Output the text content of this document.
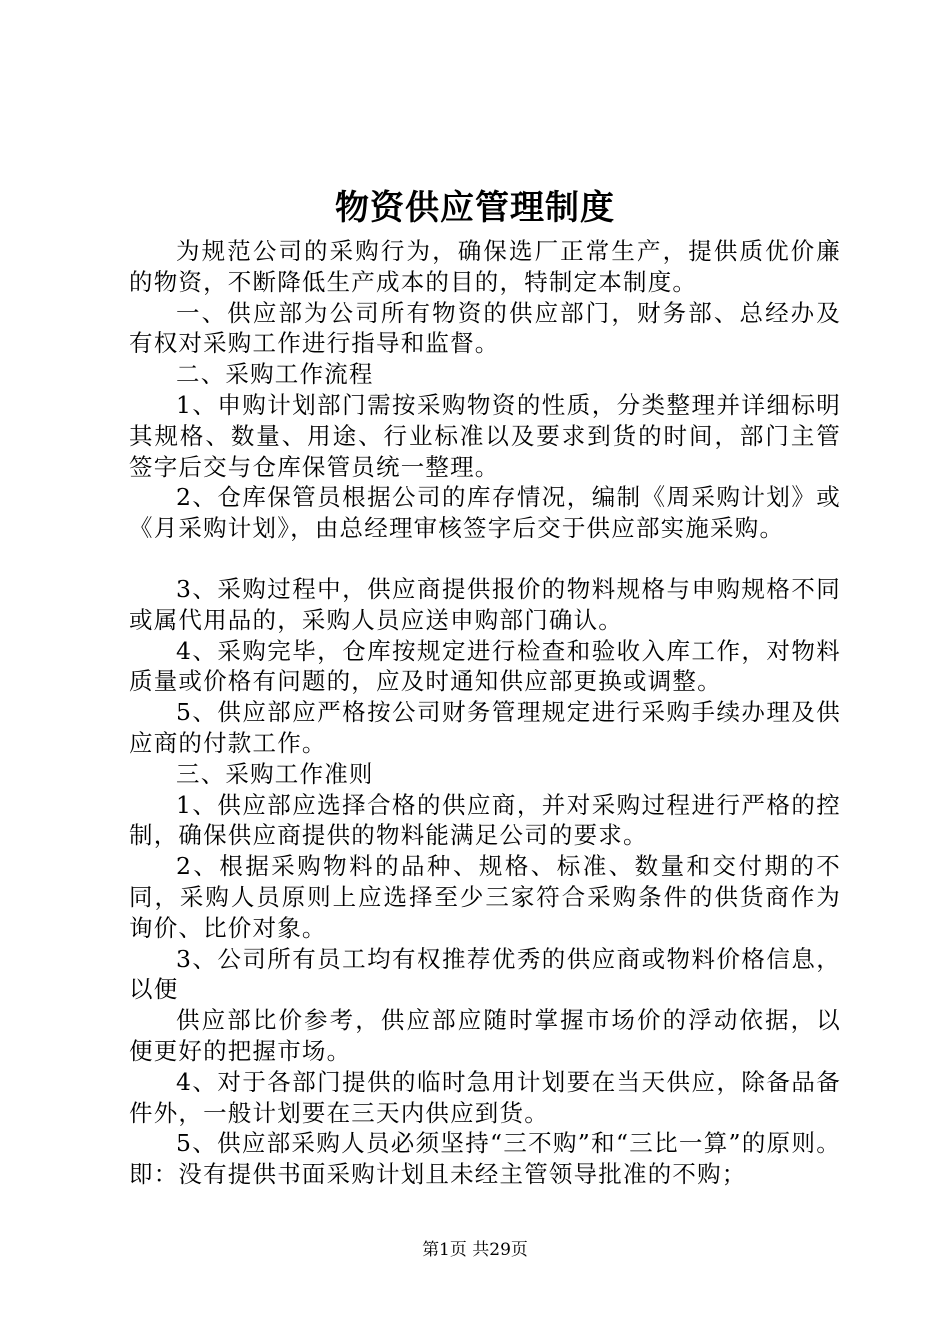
物资供应管理制度

为规范公司的采购行为，确保选厂正常生产，提供质优价廉的物资，不断降低生产成本的目的，特制定本制度。

一、供应部为公司所有物资的供应部门，财务部、总经办及有权对采购工作进行指导和监督。

二、采购工作流程

1、申购计划部门需按采购物资的性质，分类整理并详细标明其规格、数量、用途、行业标准以及要求到货的时间，部门主管签字后交与仓库保管员统一整理。

2、仓库保管员根据公司的库存情况，编制《周采购计划》或《月采购计划》，由总经理审核签字后交于供应部实施采购。

3、采购过程中，供应商提供报价的物料规格与申购规格不同或属代用品的，采购人员应送申购部门确认。

4、采购完毕，仓库按规定进行检查和验收入库工作，对物料质量或价格有问题的，应及时通知供应部更换或调整。

5、供应部应严格按公司财务管理规定进行采购手续办理及供应商的付款工作。

三、采购工作准则

1、供应部应选择合格的供应商，并对采购过程进行严格的控制，确保供应商提供的物料能满足公司的要求。

2、根据采购物料的品种、规格、标准、数量和交付期的不同，采购人员原则上应选择至少三家符合采购条件的供货商作为询价、比价对象。

3、公司所有员工均有权推荐优秀的供应商或物料价格信息，以便

供应部比价参考，供应部应随时掌握市场价的浮动依据，以便更好的把握市场。

4、对于各部门提供的临时急用计划要在当天供应，除备品备件外，一般计划要在三天内供应到货。

5、供应部采购人员必须坚持“三不购”和“三比一算”的原则。即：没有提供书面采购计划且未经主管领导批准的不购；

第1页 共29页
